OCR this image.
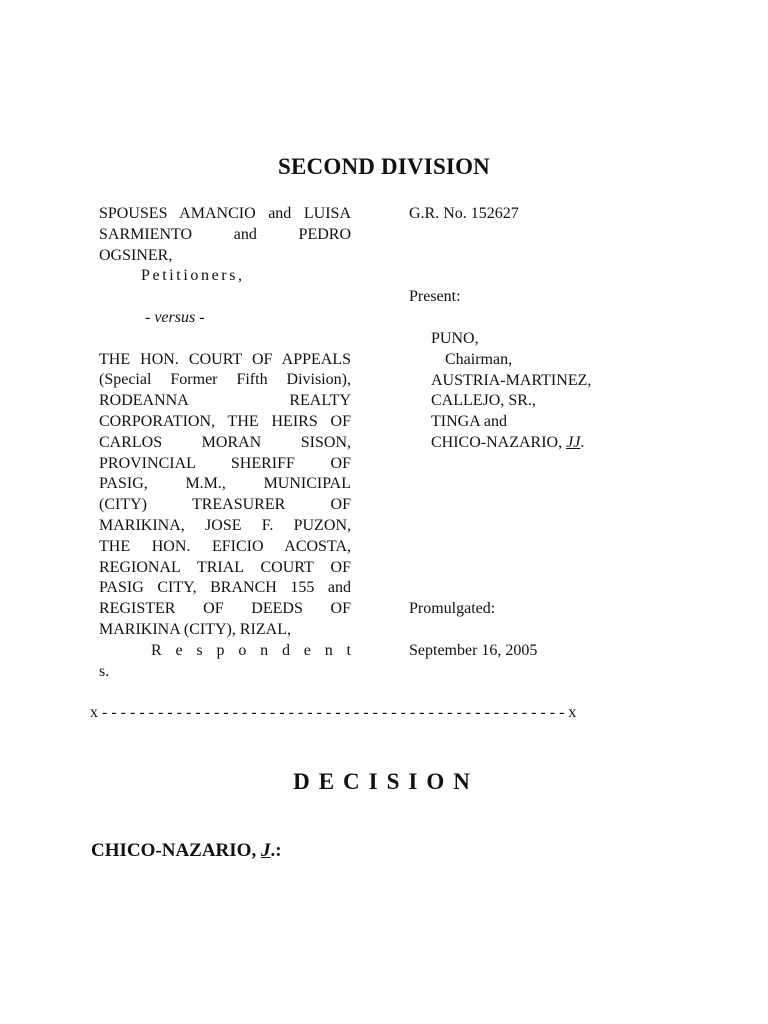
SECOND DIVISION

SPOUSES AMANCIO and LUISA

SARMIENTO and PEDRO

OGSINER,

Petitioners,

- versus -

THE HON. COURT OF APPEALS

(Special Former Fifth Division),

RODEANNA REALTY

CORPORATION, THE HEIRS OF

CARLOS MORAN SISON,

PROVINCIAL SHERIFF OF

PASIG, M.M., MUNICIPAL

(CITY) TREASURER OF

MARIKINA, JOSE F. PUZON,

THE HON. EFICIO ACOSTA,

REGIONAL TRIAL COURT OF

PASIG CITY, BRANCH 155 and

REGISTER OF DEEDS OF

MARIKINA (CITY), RIZAL,

R e s p o n d e n t

s.

G.R. No. 152627
Present:
PUNO,
Chairman,
AUSTRIA-MARTINEZ,
CALLEJO, SR.,
TINGA and
CHICO-NAZARIO, JJ.
Promulgated:
September 16, 2005
x - - - - - - - - - - - - - - - - - - - - - - - - - - - - - - - - - - - - - - - - - - - - - - - - - - x
DECISION
CHICO-NAZARIO, J.:
